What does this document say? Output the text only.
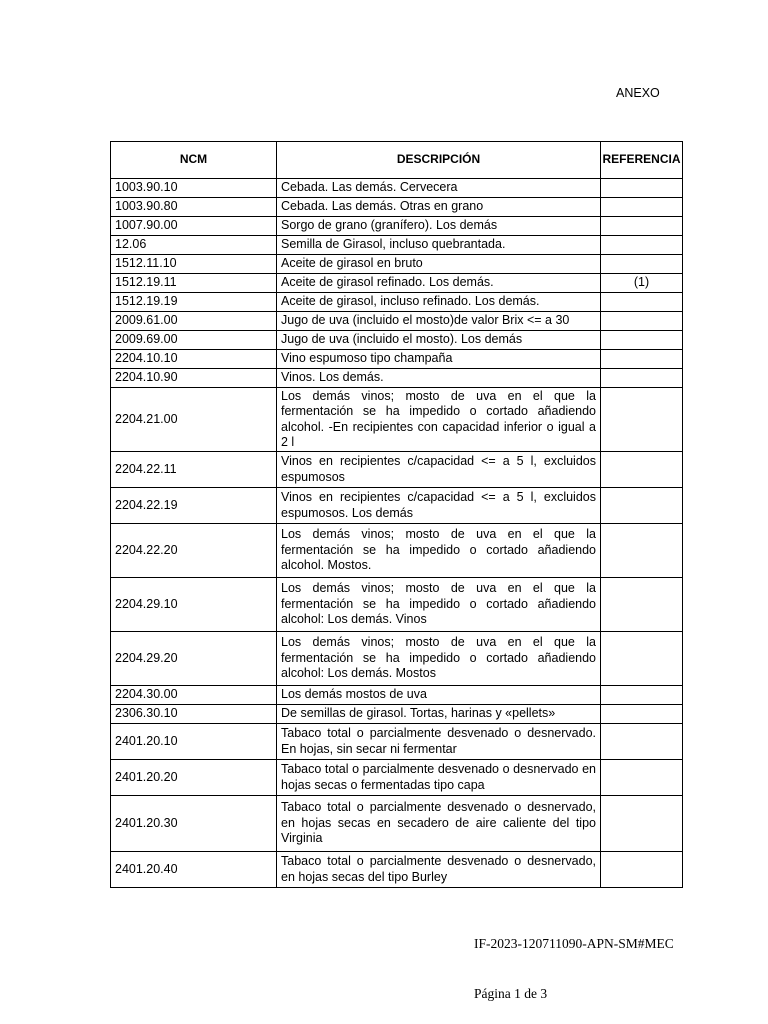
ANEXO
NCM	DESCRIPCIÓN	REFERENCIA
1003.90.10	Cebada. Las demás. Cervecera	
1003.90.80	Cebada. Las demás. Otras en grano	
1007.90.00	Sorgo de grano (granífero). Los demás	
12.06	Semilla de Girasol, incluso quebrantada.	
1512.11.10	Aceite de girasol en bruto	
1512.19.11	Aceite de girasol refinado. Los demás.	(1)
1512.19.19	Aceite de girasol, incluso refinado. Los demás.	
2009.61.00	Jugo de uva (incluido el mosto)de valor Brix <= a 30	
2009.69.00	Jugo de uva (incluido el mosto). Los demás	
2204.10.10	Vino espumoso tipo champaña	
2204.10.90	Vinos. Los demás.	
2204.21.00	Los demás vinos; mosto de uva en el que la fermentación se ha impedido o cortado añadiendo alcohol. -En recipientes con capacidad inferior o igual a 2 l	
2204.22.11	Vinos en recipientes c/capacidad <= a 5 l, excluidos espumosos	
2204.22.19	Vinos en recipientes c/capacidad <= a 5 l, excluidos espumosos. Los demás	
2204.22.20	Los demás vinos; mosto de uva en el que la fermentación se ha impedido o cortado añadiendo alcohol. Mostos.	
2204.29.10	Los demás vinos; mosto de uva en el que la fermentación se ha impedido o cortado añadiendo alcohol: Los demás. Vinos	
2204.29.20	Los demás vinos; mosto de uva en el que la fermentación se ha impedido o cortado añadiendo alcohol: Los demás. Mostos	
2204.30.00	Los demás mostos de uva	
2306.30.10	De semillas de girasol. Tortas, harinas y «pellets»	
2401.20.10	Tabaco total o parcialmente desvenado o desnervado. En hojas, sin secar ni fermentar	
2401.20.20	Tabaco total o parcialmente desvenado o desnervado en hojas secas o fermentadas tipo capa	
2401.20.30	Tabaco total o parcialmente desvenado o desnervado, en hojas secas en secadero de aire caliente del tipo Virginia	
2401.20.40	Tabaco total o parcialmente desvenado o desnervado, en hojas secas del tipo Burley	
IF-2023-120711090-APN-SM#MEC
Página 1 de 3
